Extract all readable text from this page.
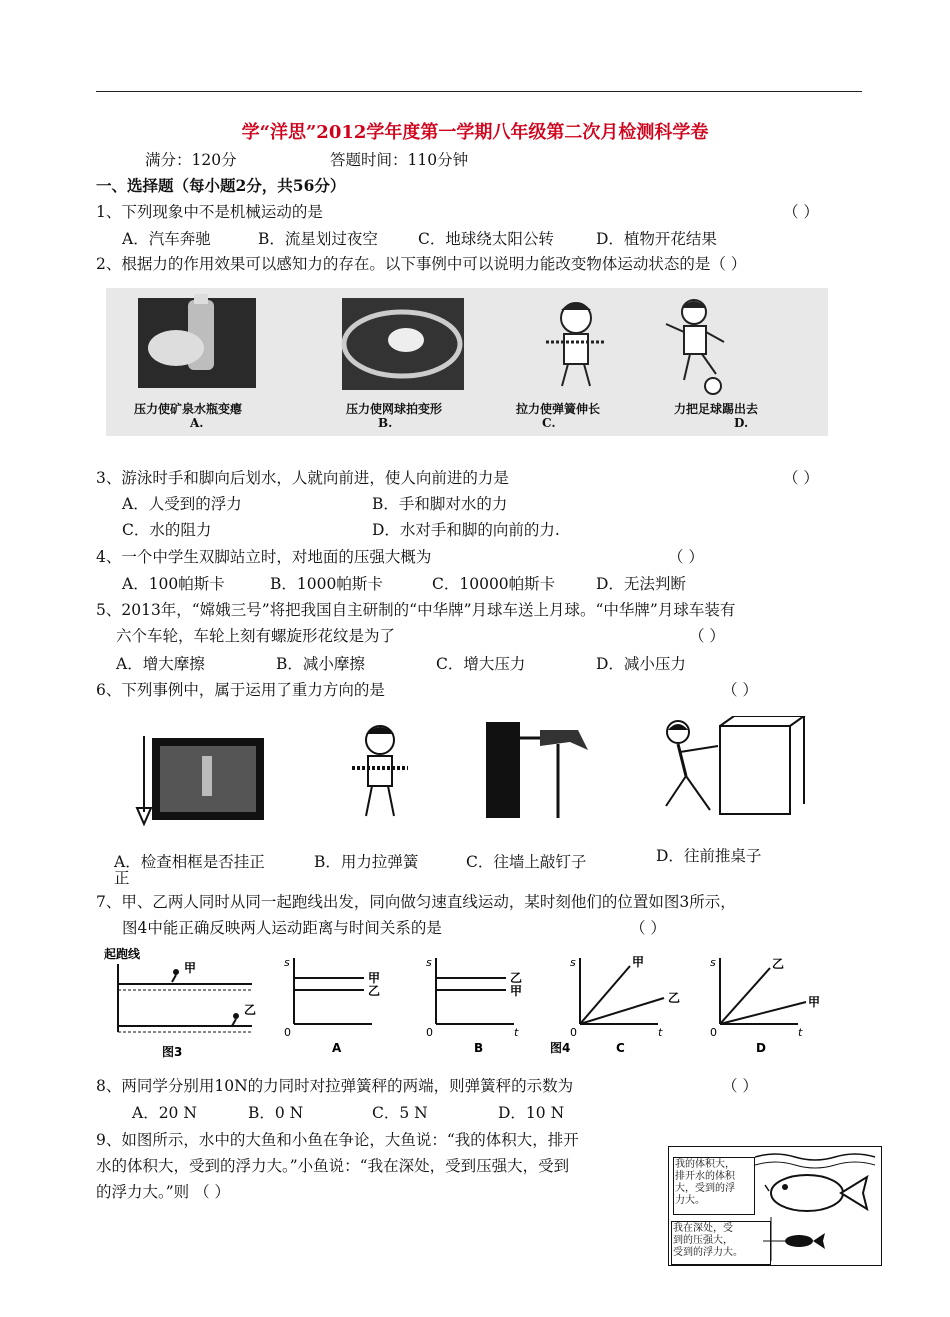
学“洋思”2012学年度第一学期八年级第二次月检测科学卷
满分：120分	答题时间：110分钟
一、选择题（每小题2分，共56分）
1、下列现象中不是机械运动的是	（ ）
A．汽车奔驰	B．流星划过夜空	C．地球绕太阳公转	D．植物开花结果
2、根据力的作用效果可以感知力的存在。以下事例中可以说明力能改变物体运动状态的是（ ）
压力使矿泉水瓶变瘪	压力使网球拍变形	拉力使弹簧伸长	力把足球踢出去
A.	B.	C.	D.
3、游泳时手和脚向后划水，人就向前进，使人向前进的力是	（ ）
A．人受到的浮力	B．手和脚对水的力
C．水的阻力	D．水对手和脚的向前的力.
4、一个中学生双脚站立时，对地面的压强大概为	（ ）
A．100帕斯卡	B．1000帕斯卡	C．10000帕斯卡	D．无法判断
5、2013年，“嫦娥三号”将把我国自主研制的“中华牌”月球车送上月球。“中华牌”月球车装有
六个车轮，车轮上刻有螺旋形花纹是为了	（ ）
A．增大摩擦	B．减小摩擦	C．增大压力	D．减小压力
6、下列事例中，属于运用了重力方向的是	（ ）
A．检查相框是否挂正
正
B．用力拉弹簧	C．往墙上敲钉子	D．往前推桌子
7、甲、乙两人同时从同一起跑线出发，同向做匀速直线运动，某时刻他们的位置如图3所示，
图4中能正确反映两人运动距离与时间关系的是	（ ）
起跑线
甲
乙
图3
s
0
甲
乙
A
s
0	t
乙
甲
B
s
0	t
甲
乙
C
图4
s
0	t
乙
甲
D
8、两同学分别用10N的力同时对拉弹簧秤的两端，则弹簧秤的示数为	（ ）
A．20 N	B．0 N	C．5 N	D．10 N
9、如图所示，水中的大鱼和小鱼在争论，大鱼说：“我的体积大，排开
水的体积大，受到的浮力大。”小鱼说：“我在深处，受到压强大，受到
的浮力大。”则 （ ）
我的体积大，
排开水的体积
大，受到的浮
力大。
我在深处，受
到的压强大，
受到的浮力大。
